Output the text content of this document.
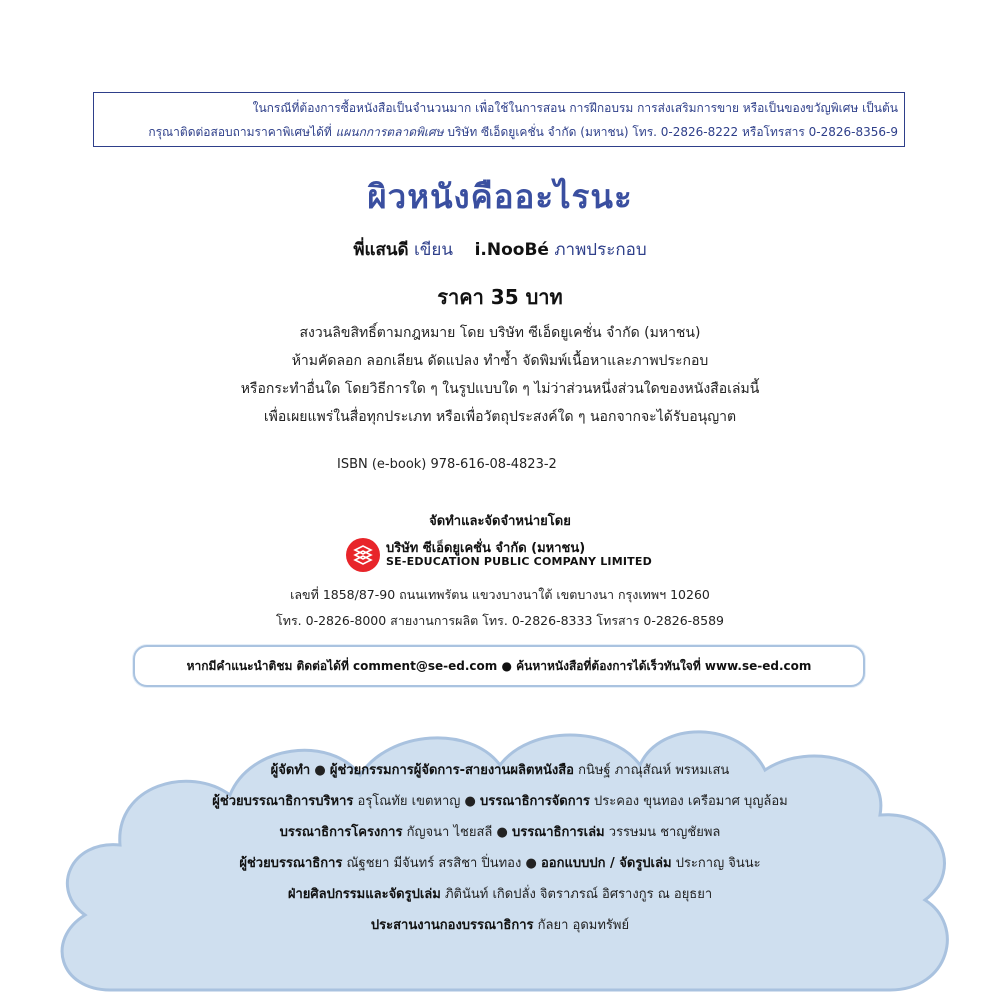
ในกรณีที่ต้องการซื้อหนังสือเป็นจำนวนมาก เพื่อใช้ในการสอน การฝึกอบรม การส่งเสริมการขาย หรือเป็นของขวัญพิเศษ เป็นต้น
กรุณาติดต่อสอบถามราคาพิเศษได้ที่ แผนกการตลาดพิเศษ บริษัท ซีเอ็ดยูเคชั่น จำกัด (มหาชน) โทร. 0-2826-8222 หรือโทรสาร 0-2826-8356-9
ผิวหนังคืออะไรนะ
พี่แสนดี เขียน i.NooBé ภาพประกอบ
ราคา 35 บาท
สงวนลิขสิทธิ์ตามกฎหมาย โดย บริษัท ซีเอ็ดยูเคชั่น จำกัด (มหาชน)
ห้ามคัดลอก ลอกเลียน ดัดแปลง ทำซ้ำ จัดพิมพ์เนื้อหาและภาพประกอบ
หรือกระทำอื่นใด โดยวิธีการใด ๆ ในรูปแบบใด ๆ ไม่ว่าส่วนหนึ่งส่วนใดของหนังสือเล่มนี้
เพื่อเผยแพร่ในสื่อทุกประเภท หรือเพื่อวัตถุประสงค์ใด ๆ นอกจากจะได้รับอนุญาต
ISBN (e-book) 978-616-08-4823-2
จัดทำและจัดจำหน่ายโดย
บริษัท ซีเอ็ดยูเคชั่น จำกัด (มหาชน)
SE-EDUCATION PUBLIC COMPANY LIMITED
เลขที่ 1858/87-90 ถนนเทพรัตน แขวงบางนาใต้ เขตบางนา กรุงเทพฯ 10260
โทร. 0-2826-8000 สายงานการผลิต โทร. 0-2826-8333 โทรสาร 0-2826-8589
หากมีคำแนะนำติชม ติดต่อได้ที่ comment@se-ed.com ● ค้นหาหนังสือที่ต้องการได้เร็วทันใจที่ www.se-ed.com
ผู้จัดทำ ● ผู้ช่วยกรรมการผู้จัดการ-สายงานผลิตหนังสือ กนิษฐ์ ภาณุสัณห์ พรหมเสน
ผู้ช่วยบรรณาธิการบริหาร อรุโณทัย เขตหาญ ● บรรณาธิการจัดการ ประคอง ขุนทอง เครือมาศ บุญล้อม
บรรณาธิการโครงการ กัญจนา ไชยสลี ● บรรณาธิการเล่ม วรรษมน ชาญชัยพล
ผู้ช่วยบรรณาธิการ ณัฐชยา มีจันทร์ สรสิชา ปิ่นทอง ● ออกแบบปก / จัดรูปเล่ม ประกาญ จินนะ
ฝ่ายศิลปกรรมและจัดรูปเล่ม ภิตินันท์ เกิดปลั่ง จิตราภรณ์ อิศรางกูร ณ อยุธยา
ประสานงานกองบรรณาธิการ กัลยา อุดมทรัพย์
